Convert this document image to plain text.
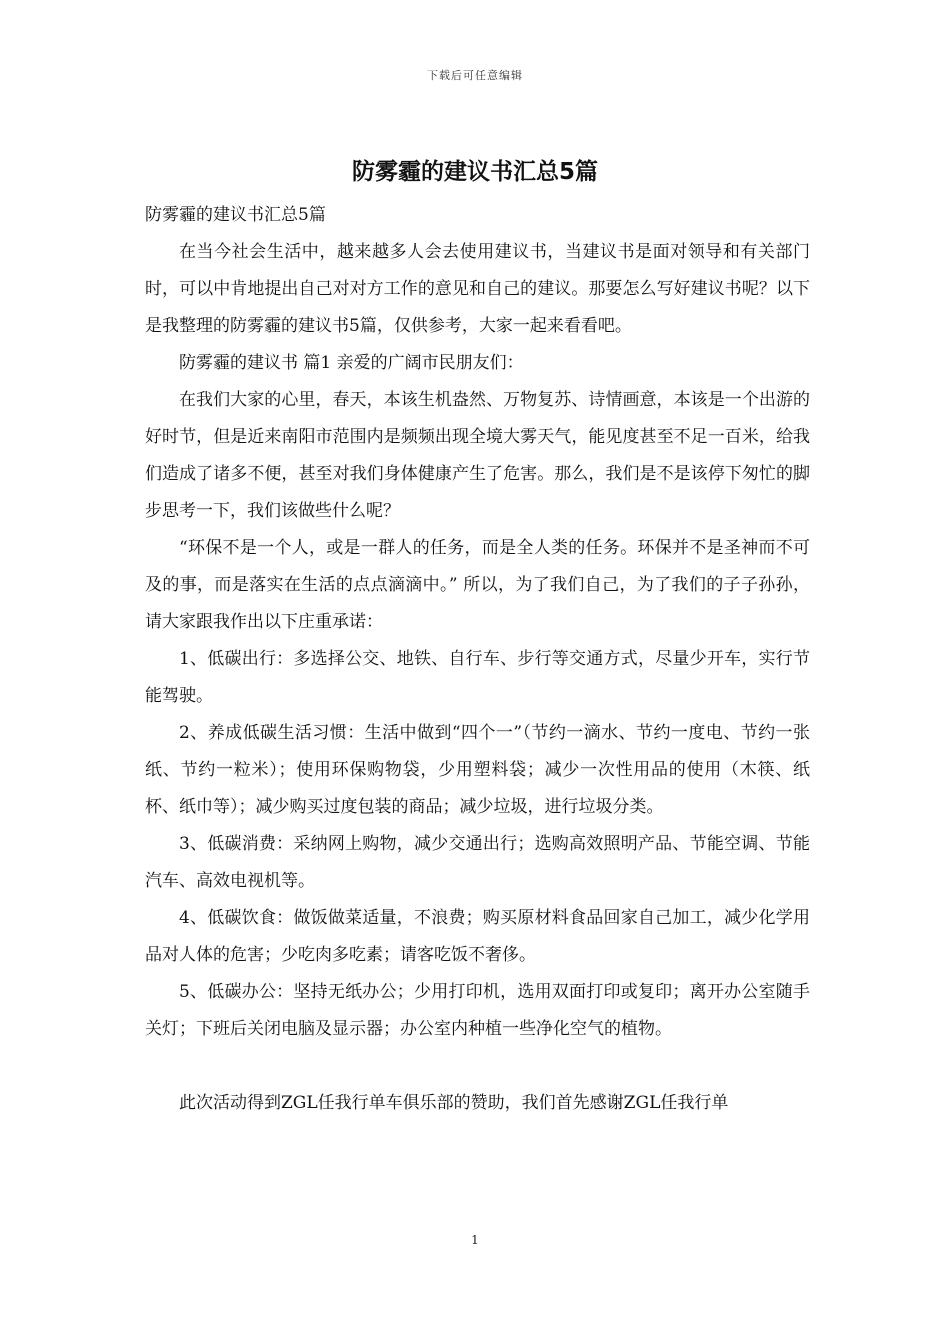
下载后可任意编辑
防雾霾的建议书汇总5篇

防雾霾的建议书汇总5篇

在当今社会生活中，越来越多人会去使用建议书，当建议书是面对领导和有关部门时，可以中肯地提出自己对对方工作的意见和自己的建议。那要怎么写好建议书呢？以下是我整理的防雾霾的建议书5篇，仅供参考，大家一起来看看吧。

防雾霾的建议书 篇1 亲爱的广阔市民朋友们：

在我们大家的心里，春天，本该生机盎然、万物复苏、诗情画意，本该是一个出游的好时节，但是近来南阳市范围内是频频出现全境大雾天气，能见度甚至不足一百米，给我们造成了诸多不便，甚至对我们身体健康产生了危害。那么，我们是不是该停下匆忙的脚步思考一下，我们该做些什么呢？

“环保不是一个人，或是一群人的任务，而是全人类的任务。环保并不是圣神而不可及的事，而是落实在生活的点点滴滴中。” 所以，为了我们自己，为了我们的子子孙孙，请大家跟我作出以下庄重承诺：

1、低碳出行：多选择公交、地铁、自行车、步行等交通方式，尽量少开车，实行节能驾驶。

2、养成低碳生活习惯：生活中做到“四个一”（节约一滴水、节约一度电、节约一张纸、节约一粒米）；使用环保购物袋，少用塑料袋；减少一次性用品的使用（木筷、纸杯、纸巾等）；减少购买过度包装的商品；减少垃圾，进行垃圾分类。

3、低碳消费：采纳网上购物，减少交通出行；选购高效照明产品、节能空调、节能汽车、高效电视机等。

4、低碳饮食：做饭做菜适量，不浪费；购买原材料食品回家自己加工，减少化学用品对人体的危害；少吃肉多吃素；请客吃饭不奢侈。

5、低碳办公：坚持无纸办公；少用打印机，选用双面打印或复印；离开办公室随手关灯；下班后关闭电脑及显示器；办公室内种植一些净化空气的植物。

此次活动得到ZGL任我行单车俱乐部的赞助，我们首先感谢ZGL任我行单

1
